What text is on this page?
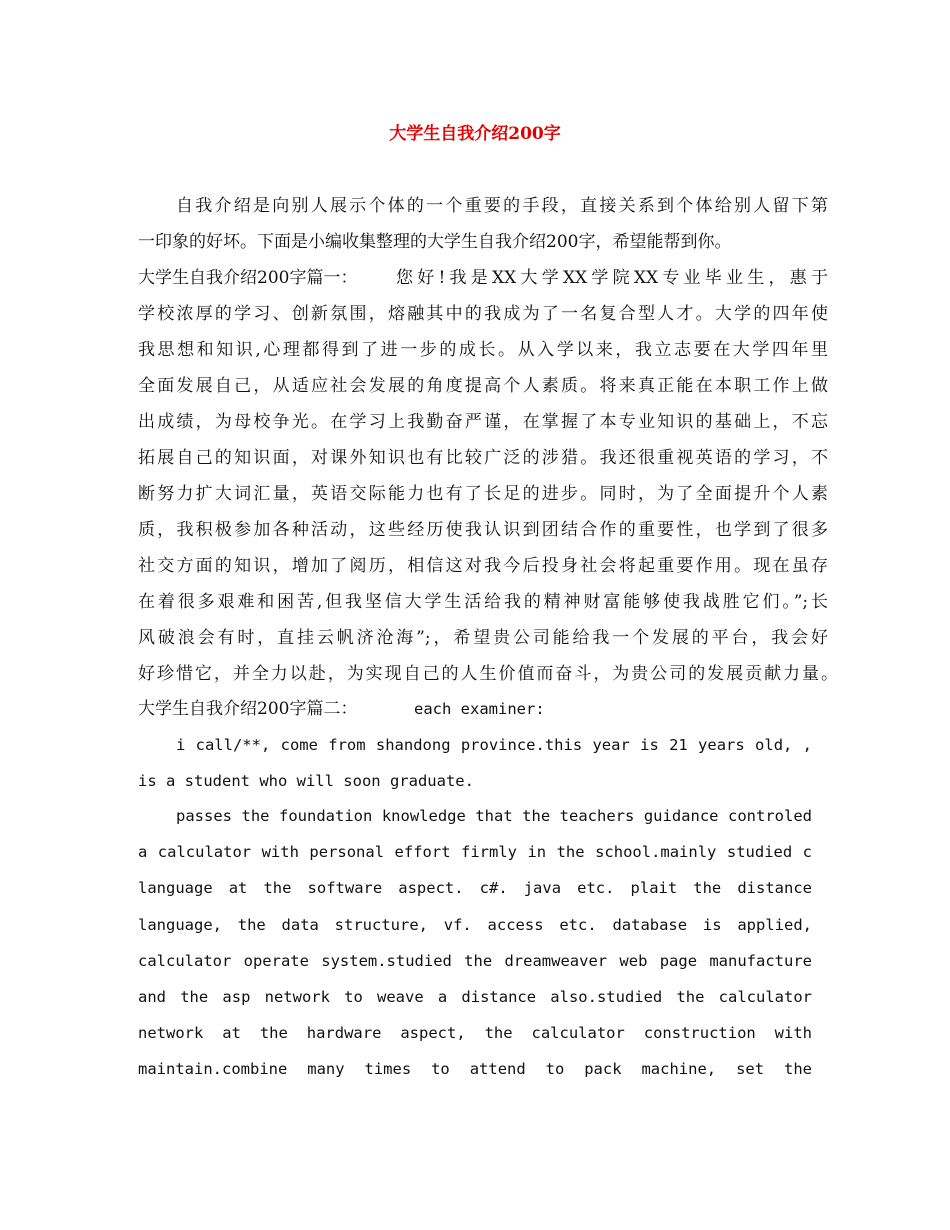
大学生自我介绍200字
自我介绍是向别人展示个体的一个重要的手段，直接关系到个体给别人留下第
一印象的好坏。下面是小编收集整理的大学生自我介绍200字，希望能帮到你。
大学生自我介绍200字篇一：	您好!我是XX大学XX学院XX专业毕业生，惠于
学校浓厚的学习、创新氛围，熔融其中的我成为了一名复合型人才。大学的四年使
我思想和知识,心理都得到了进一步的成长。从入学以来，我立志要在大学四年里
全面发展自己，从适应社会发展的角度提高个人素质。将来真正能在本职工作上做
出成绩，为母校争光。在学习上我勤奋严谨，在掌握了本专业知识的基础上，不忘
拓展自己的知识面，对课外知识也有比较广泛的涉猎。我还很重视英语的学习，不
断努力扩大词汇量，英语交际能力也有了长足的进步。同时，为了全面提升个人素
质，我积极参加各种活动，这些经历使我认识到团结合作的重要性，也学到了很多
社交方面的知识，增加了阅历，相信这对我今后投身社会将起重要作用。现在虽存
在着很多艰难和困苦,但我坚信大学生活给我的精神财富能够使我战胜它们。”;长
风破浪会有时，直挂云帆济沧海”;，希望贵公司能给我一个发展的平台，我会好
好珍惜它，并全力以赴，为实现自己的人生价值而奋斗，为贵公司的发展贡献力量。
大学生自我介绍200字篇二：	each examiner:
i call/**, come from shandong province.this year is 21 years old, ,
is a student who will soon graduate.
passes the foundation knowledge that the teachers guidance controled
a calculator with personal effort firmly in the school.mainly studied c
language at the software aspect. c#. java etc. plait the distance
language, the data structure, vf. access etc. database is applied,
calculator operate system.studied the dreamweaver web page manufacture
and the asp network to weave a distance also.studied the calculator
network at the hardware aspect, the calculator construction with
maintain.combine many times to attend to pack machine, set the
